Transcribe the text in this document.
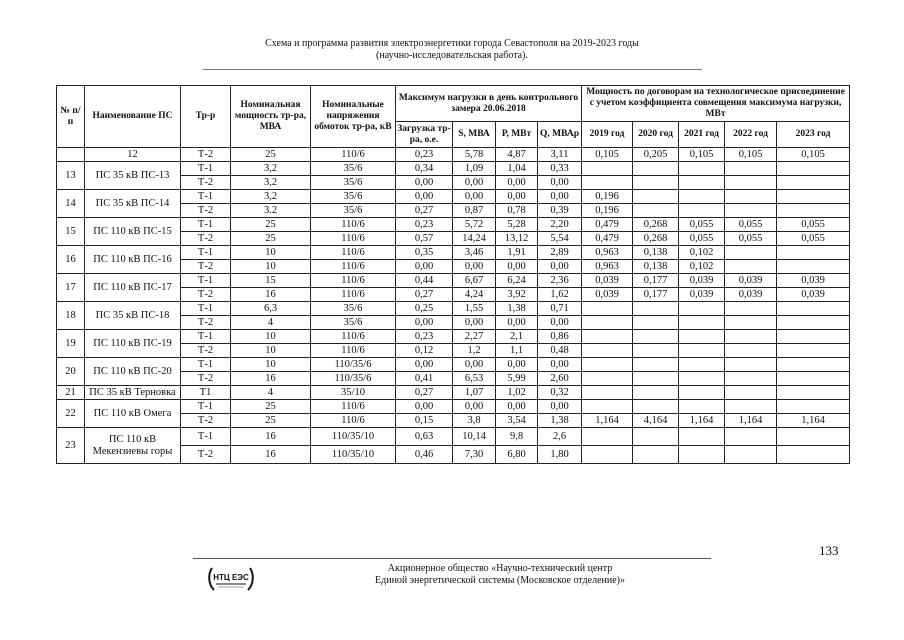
Схема и программа развития электроэнергетики города Севастополя на 2019-2023 годы
(научно-исследовательская работа).
№ п/п	Наименование ПС	Тр-р	Номинальная мощность тр-ра, МВА	Номинальные напряжения обмоток тр-ра, кВ	Максимум нагрузки в день контрольного замера 20.06.2018				Мощность по договорам на технологическое присоединение с учетом коэффициента совмещения максимума нагрузки, МВт				
					Загрузка тр-ра, о.е.	S, МВА	Р, МВт	Q, МВАр	2019 год	2020 год	2021 год	2022 год	2023 год
	12	Т-2	25	110/6	0,23	5,78	4,87	3,11	0,105	0,205	0,105	0,105	0,105
13	ПС 35 кВ ПС-13	Т-1	3,2	35/6	0,34	1,09	1,04	0,33					
		Т-2	3,2	35/6	0,00	0,00	0,00	0,00					
14	ПС 35 кВ ПС-14	Т-1	3,2	35/6	0,00	0,00	0,00	0,00	0,196				
		Т-2	3.2	35/6	0,27	0,87	0,78	0,39	0,196				
15	ПС 110 кВ ПС-15	Т-1	25	110/6	0,23	5,72	5,28	2,20	0,479	0,268	0,055	0,055	0,055
		Т-2	25	110/6	0,57	14,24	13,12	5,54	0,479	0,268	0,055	0,055	0,055
16	ПС 110 кВ ПС-16	Т-1	10	110/6	0,35	3,46	1,91	2,89	0,963	0,138	0,102		
		Т-2	10	110/6	0,00	0,00	0,00	0,00	0,963	0,138	0,102		
17	ПС 110 кВ ПС-17	Т-1	15	110/6	0,44	6,67	6,24	2,36	0,039	0,177	0,039	0,039	0,039
		Т-2	16	110/6	0,27	4,24	3,92	1,62	0,039	0,177	0,039	0,039	0,039
18	ПС 35 кВ ПС-18	Т-1	6,3	35/6	0,25	1,55	1,38	0,71					
		Т-2	4	35/6	0,00	0,00	0,00	0,00					
19	ПС 110 кВ ПС-19	Т-1	10	110/6	0,23	2,27	2,1	0,86					
		Т-2	10	110/6	0,12	1,2	1,1	0,48					
20	ПС 110 кВ ПС-20	Т-1	10	110/35/6	0,00	0,00	0,00	0,00					
		Т-2	16	110/35/6	0,41	6,53	5,99	2,60					
21	ПС 35 кВ Терновка	Т1	4	35/10	0,27	1,07	1,02	0,32					
22	ПС 110 кВ Омега	Т-1	25	110/6	0,00	0,00	0,00	0,00					
		Т-2	25	110/6	0,15	3,8	3,54	1,38	1,164	4,164	1,164	1,164	1,164
23	ПС 110 кВ Мекензиевы горы	Т-1	16	110/35/10	0,63	10,14	9,8	2,6					
		Т-2	16	110/35/10	0,46	7,30	6,80	1,80					
133
НТЦ ЕЭС
Акционерное общество «Научно-технический центр
Единой энергетической системы (Московское отделение)»
